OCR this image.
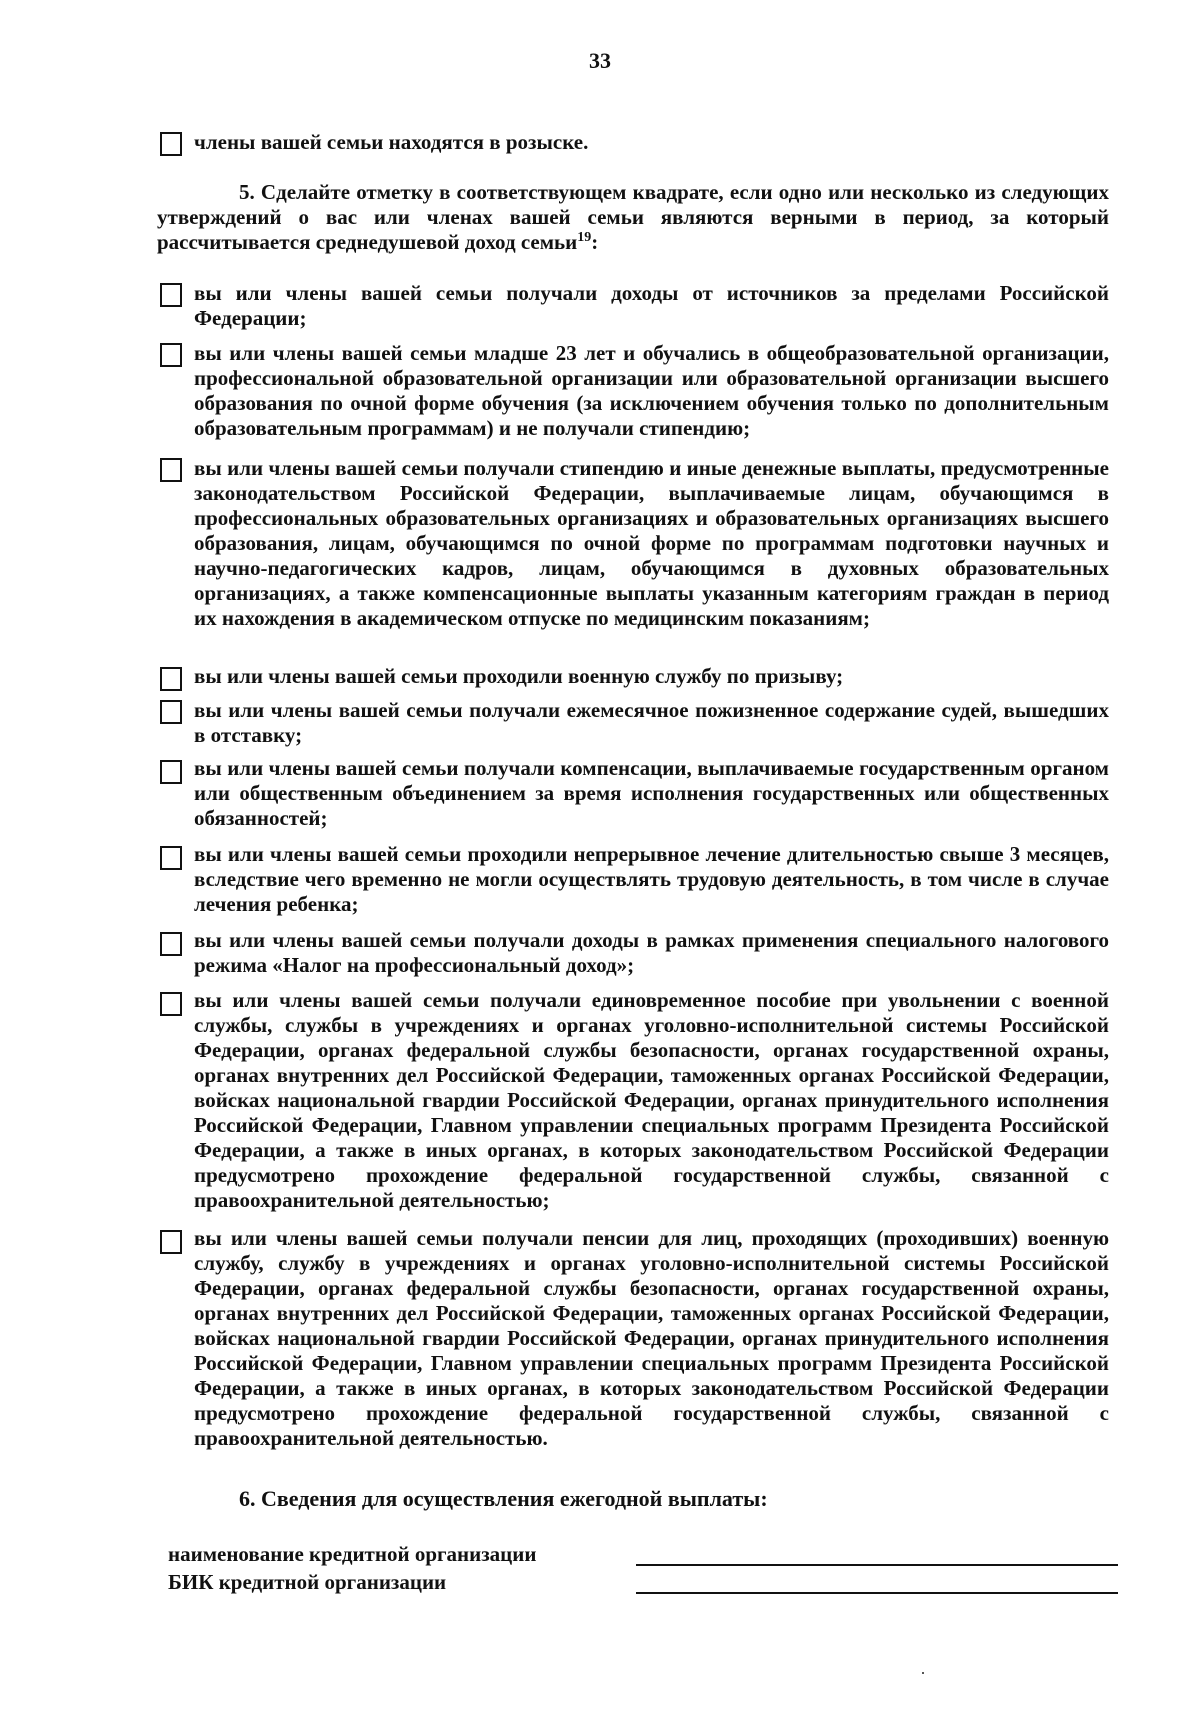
33
члены вашей семьи находятся в розыске.
5. Сделайте отметку в соответствующем квадрате, если одно или несколько из следующих утверждений о вас или членах вашей семьи являются верными в период, за который рассчитывается среднедушевой доход семьи$^{19}$:
вы или члены вашей семьи получали доходы от источников за пределами Российской Федерации;
вы или члены вашей семьи младше 23 лет и обучались в общеобразовательной организации, профессиональной образовательной организации или образовательной организации высшего образования по очной форме обучения (за исключением обучения только по дополнительным образовательным программам) и не получали стипендию;
вы или члены вашей семьи получали стипендию и иные денежные выплаты, предусмотренные законодательством Российской Федерации, выплачиваемые лицам, обучающимся в профессиональных образовательных организациях и образовательных организациях высшего образования, лицам, обучающимся по очной форме по программам подготовки научных и научно-педагогических кадров, лицам, обучающимся в духовных образовательных организациях, а также компенсационные выплаты указанным категориям граждан в период их нахождения в академическом отпуске по медицинским показаниям;
вы или члены вашей семьи проходили военную службу по призыву;
вы или члены вашей семьи получали ежемесячное пожизненное содержание судей, вышедших в отставку;
вы или члены вашей семьи получали компенсации, выплачиваемые государственным органом или общественным объединением за время исполнения государственных или общественных обязанностей;
вы или члены вашей семьи проходили непрерывное лечение длительностью свыше 3 месяцев, вследствие чего временно не могли осуществлять трудовую деятельность, в том числе в случае лечения ребенка;
вы или члены вашей семьи получали доходы в рамках применения специального налогового режима «Налог на профессиональный доход»;
вы или члены вашей семьи получали единовременное пособие при увольнении с военной службы, службы в учреждениях и органах уголовно-исполнительной системы Российской Федерации, органах федеральной службы безопасности, органах государственной охраны, органах внутренних дел Российской Федерации, таможенных органах Российской Федерации, войсках национальной гвардии Российской Федерации, органах принудительного исполнения Российской Федерации, Главном управлении специальных программ Президента Российской Федерации, а также в иных органах, в которых законодательством Российской Федерации предусмотрено прохождение федеральной государственной службы, связанной с правоохранительной деятельностью;
вы или члены вашей семьи получали пенсии для лиц, проходящих (проходивших) военную службу, службу в учреждениях и органах уголовно-исполнительной системы Российской Федерации, органах федеральной службы безопасности, органах государственной охраны, органах внутренних дел Российской Федерации, таможенных органах Российской Федерации, войсках национальной гвардии Российской Федерации, органах принудительного исполнения Российской Федерации, Главном управлении специальных программ Президента Российской Федерации, а также в иных органах, в которых законодательством Российской Федерации предусмотрено прохождение федеральной государственной службы, связанной с правоохранительной деятельностью.
6. Сведения для осуществления ежегодной выплаты:
наименование кредитной организации
БИК кредитной организации
